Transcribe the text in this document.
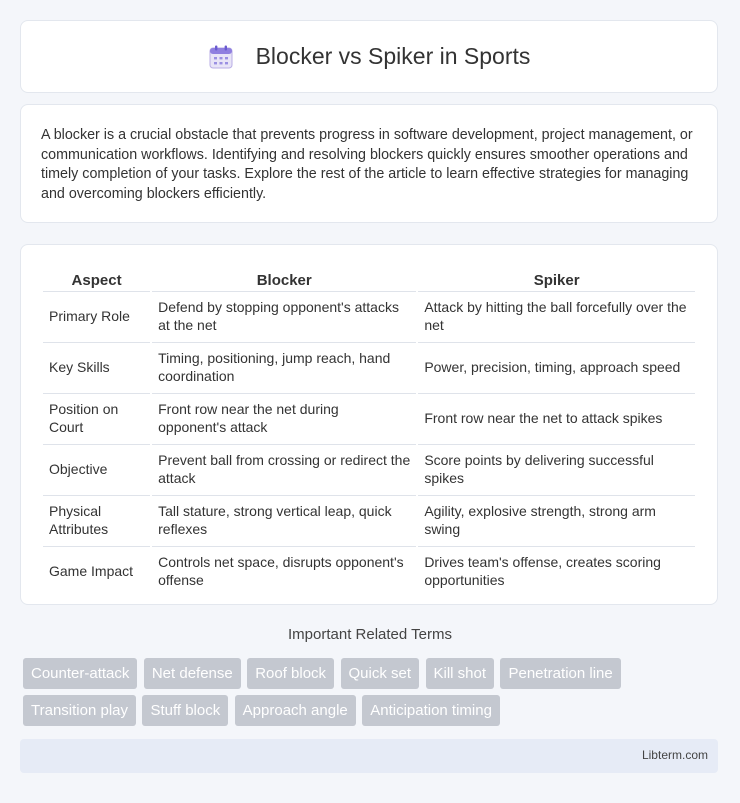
Blocker vs Spiker in Sports

A blocker is a crucial obstacle that prevents progress in software development, project management, or communication workflows. Identifying and resolving blockers quickly ensures smoother operations and timely completion of your tasks. Explore the rest of the article to learn effective strategies for managing and overcoming blockers efficiently.

Aspect	Blocker	Spiker
Primary Role	Defend by stopping opponent's attacks at the net	Attack by hitting the ball forcefully over the net
Key Skills	Timing, positioning, jump reach, hand coordination	Power, precision, timing, approach speed
Position on Court	Front row near the net during opponent's attack	Front row near the net to attack spikes
Objective	Prevent ball from crossing or redirect the attack	Score points by delivering successful spikes
Physical Attributes	Tall stature, strong vertical leap, quick reflexes	Agility, explosive strength, strong arm swing
Game Impact	Controls net space, disrupts opponent's offense	Drives team's offense, creates scoring opportunities
Important Related Terms
Counter-attack Net defense Roof block Quick set Kill shot Penetration line
Transition play Stuff block Approach angle Anticipation timing
Libterm.com
